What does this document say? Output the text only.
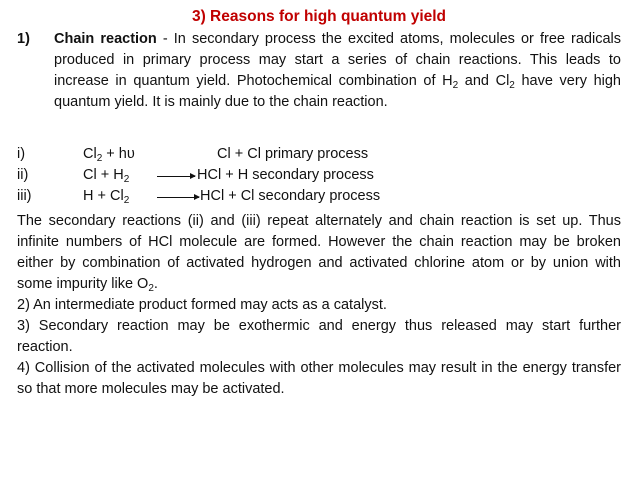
3) Reasons for high quantum yield
1) Chain reaction - In secondary process the excited atoms, molecules or free radicals produced in primary process may start a series of chain reactions. This leads to increase in quantum yield. Photochemical combination of $H_2$ and $Cl_2$ have very high quantum yield. It is mainly due to the chain reaction.
i)	$Cl_2 + h\upsilon$	Cl + Cl primary process
ii)	$Cl + H_2$ → HCl + H secondary process
iii)	$H + Cl_2$ → HCl + Cl secondary process

The secondary reactions (ii) and (iii) repeat alternately and chain reaction is set up. Thus infinite numbers of HCl molecule are formed. However the chain reaction may be broken either by combination of activated hydrogen and activated chlorine atom or by union with some impurity like $O_2$.

2) An intermediate product formed may acts as a catalyst.

3) Secondary reaction may be exothermic and energy thus released may start further reaction.

4) Collision of the activated molecules with other molecules may result in the energy transfer so that more molecules may be activated.
